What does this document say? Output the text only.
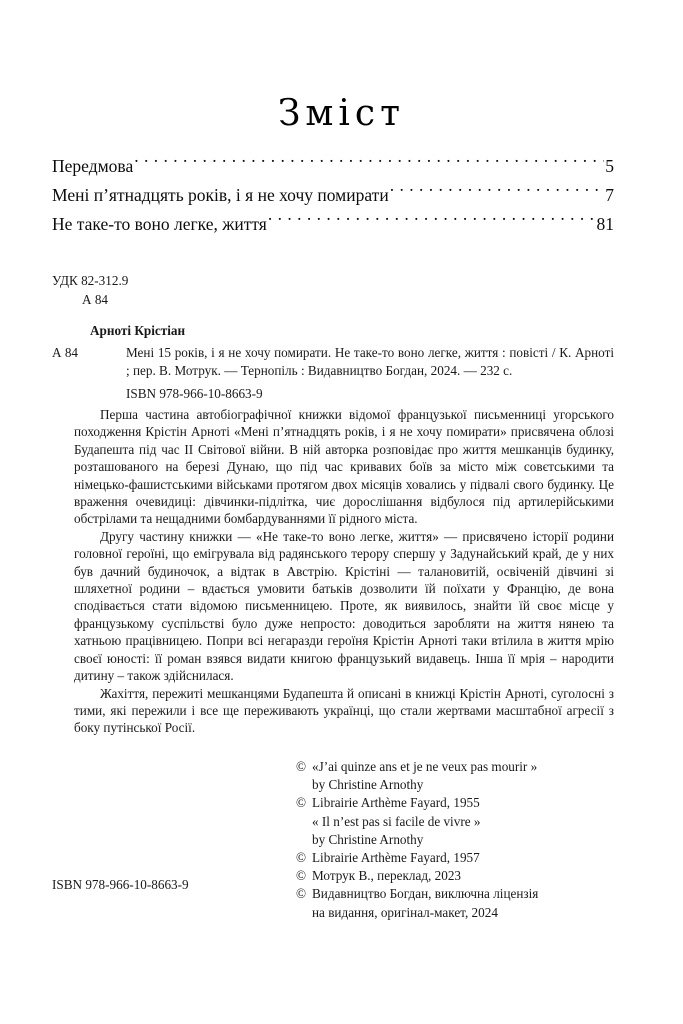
Зміст
Передмова . . .	5
Мені п’ятнадцять років, і я не хочу помирати . . .	7
Не таке-то воно легке, життя . . .	81

УДК 82-312.9

А 84

Арноті Крістіан

А 84	Мені 15 років, і я не хочу помирати. Не таке-то воно легке, життя : повісті / К. Арноті ; пер. В. Мотрук. — Тернопіль : Видавництво Богдан, 2024. — 232 с.

ISBN 978-966-10-8663-9

Перша частина автобіографічної книжки відомої французької письменниці угорського походження Крістін Арноті «Мені п’ятнадцять років, і я не хочу помирати» присвячена облозі Будапешта під час ІІ Світової війни. В ній авторка розповідає про життя мешканців будинку, розташованого на березі Дунаю, що під час кривавих боїв за місто між совєтськими та німецько-фашистськими військами протягом двох місяців ховались у підвалі свого будинку. Це враження очевидиці: дівчинки-підлітка, чиє дорослішання відбулося під артилерійськими обстрілами та нещадними бомбардуваннями її рідного міста.

Другу частину книжки — «Не таке-то воно легке, життя» — присвячено історії родини головної героїні, що емігрувала від радянського терору спершу у Задунайський край, де у них був дачний будиночок, а відтак в Австрію. Крістіні — талановитій, освіченій дівчині зі шляхетної родини – вдається умовити батьків дозволити їй поїхати у Францію, де вона сподівається стати відомою письменницею. Проте, як виявилось, знайти їй своє місце у французькому суспільстві було дуже непросто: доводиться заробляти на життя нянею та хатньою працівницею. Попри всі негаразди героїня Крістін Арноті таки втілила в життя мрію своєї юності: її роман взявся видати книгою французький видавець. Інша її мрія – народити дитину – також здійснилася.

Жахіття, пережиті мешканцями Будапешта й описані в книжці Крістін Арноті, суголосні з тими, які пережили і все ще переживають українці, що стали жертвами масштабної агресії з боку путінської Росії.

© «J’ai quinze ans et je ne veux pas mourir »
by Christine Arnothy
© Librairie Arthème Fayard, 1955
« Il n’est pas si facile de vivre »
by Christine Arnothy
© Librairie Arthème Fayard, 1957
© Мотрук В., переклад, 2023
© Видавництво Богдан, виключна ліцензія
на видання, оригінал-макет, 2024
ISBN 978-966-10-8663-9
